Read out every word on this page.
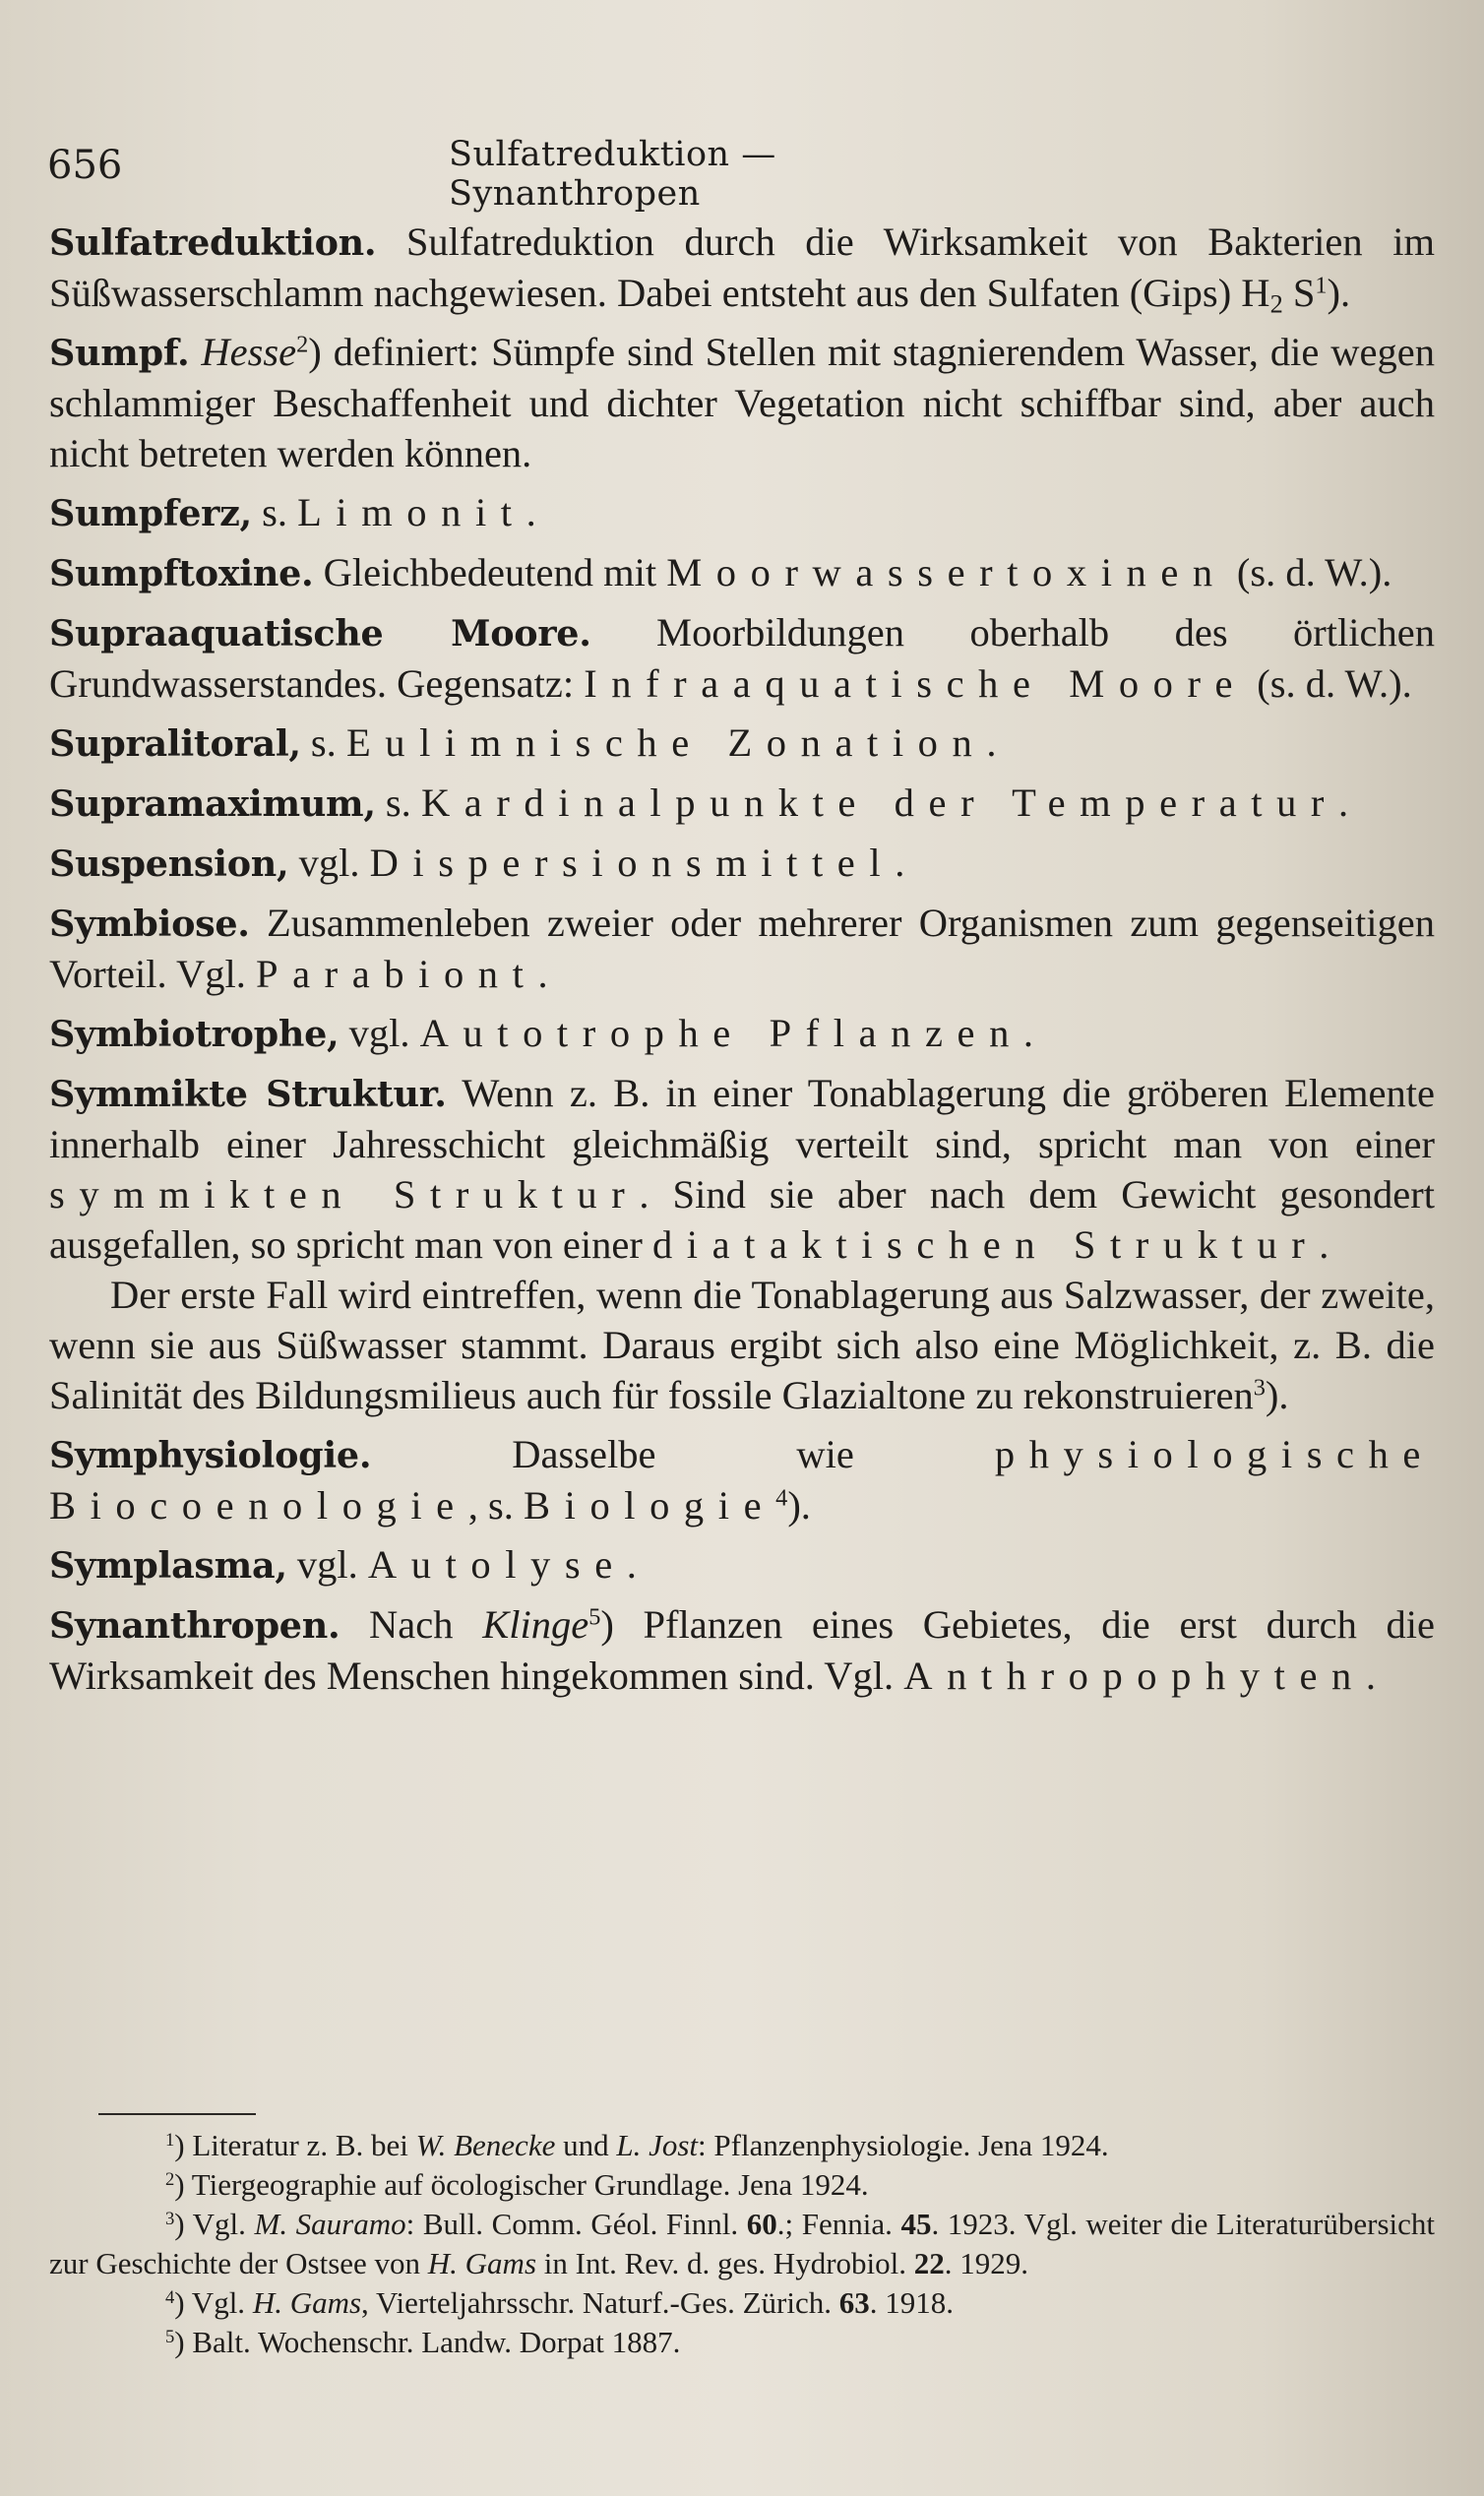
656	Sulfatreduktion — Synanthropen

Sulfatreduktion. Sulfatreduktion durch die Wirksamkeit von Bakterien im Süßwasserschlamm nachgewiesen. Dabei entsteht aus den Sulfaten (Gips) $H_2$ $S^1$).

Sumpf. Hesse$^2$) definiert: Sümpfe sind Stellen mit stagnierendem Wasser, die wegen schlammiger Beschaffenheit und dichter Vegetation nicht schiffbar sind, aber auch nicht betreten werden können.

Sumpferz, s. Limonit.

Sumpftoxine. Gleichbedeutend mit Moorwassertoxinen (s. d. W.).

Supraaquatische Moore. Moorbildungen oberhalb des örtlichen Grundwasserstandes. Gegensatz: Infraaquatische Moore (s. d. W.).

Supralitoral, s. Eulimnische Zonation.

Supramaximum, s. Kardinalpunkte der Temperatur.

Suspension, vgl. Dispersionsmittel.

Symbiose. Zusammenleben zweier oder mehrerer Organismen zum gegenseitigen Vorteil. Vgl. Parabiont.

Symbiotrophe, vgl. Autotrophe Pflanzen.

Symmikte Struktur. Wenn z. B. in einer Tonablagerung die gröberen Elemente innerhalb einer Jahresschicht gleichmäßig verteilt sind, spricht man von einer symmikten Struktur. Sind sie aber nach dem Gewicht gesondert ausgefallen, so spricht man von einer diataktischen Struktur.

Der erste Fall wird eintreffen, wenn die Tonablagerung aus Salzwasser, der zweite, wenn sie aus Süßwasser stammt. Daraus ergibt sich also eine Möglichkeit, z. B. die Salinität des Bildungsmilieus auch für fossile Glazialtone zu rekonstruieren$^3$).

Symphysiologie. Dasselbe wie physiologische Biocoenologie, s. Biologie$^4$).

Symplasma, vgl. Autolyse.

Synanthropen. Nach Klinge$^5$) Pflanzen eines Gebietes, die erst durch die Wirksamkeit des Menschen hingekommen sind. Vgl. Anthropophyten.

$^1$) Literatur z. B. bei W. Benecke und L. Jost: Pflanzenphysiologie. Jena 1924.

$^2$) Tiergeographie auf öcologischer Grundlage. Jena 1924.

$^3$) Vgl. M. Sauramo: Bull. Comm. Géol. Finnl. 60.; Fennia. 45. 1923. Vgl. weiter die Literaturübersicht zur Geschichte der Ostsee von H. Gams in Int. Rev. d. ges. Hydrobiol. 22. 1929.

$^4$) Vgl. H. Gams, Vierteljahrsschr. Naturf.-Ges. Zürich. 63. 1918.

$^5$) Balt. Wochenschr. Landw. Dorpat 1887.
